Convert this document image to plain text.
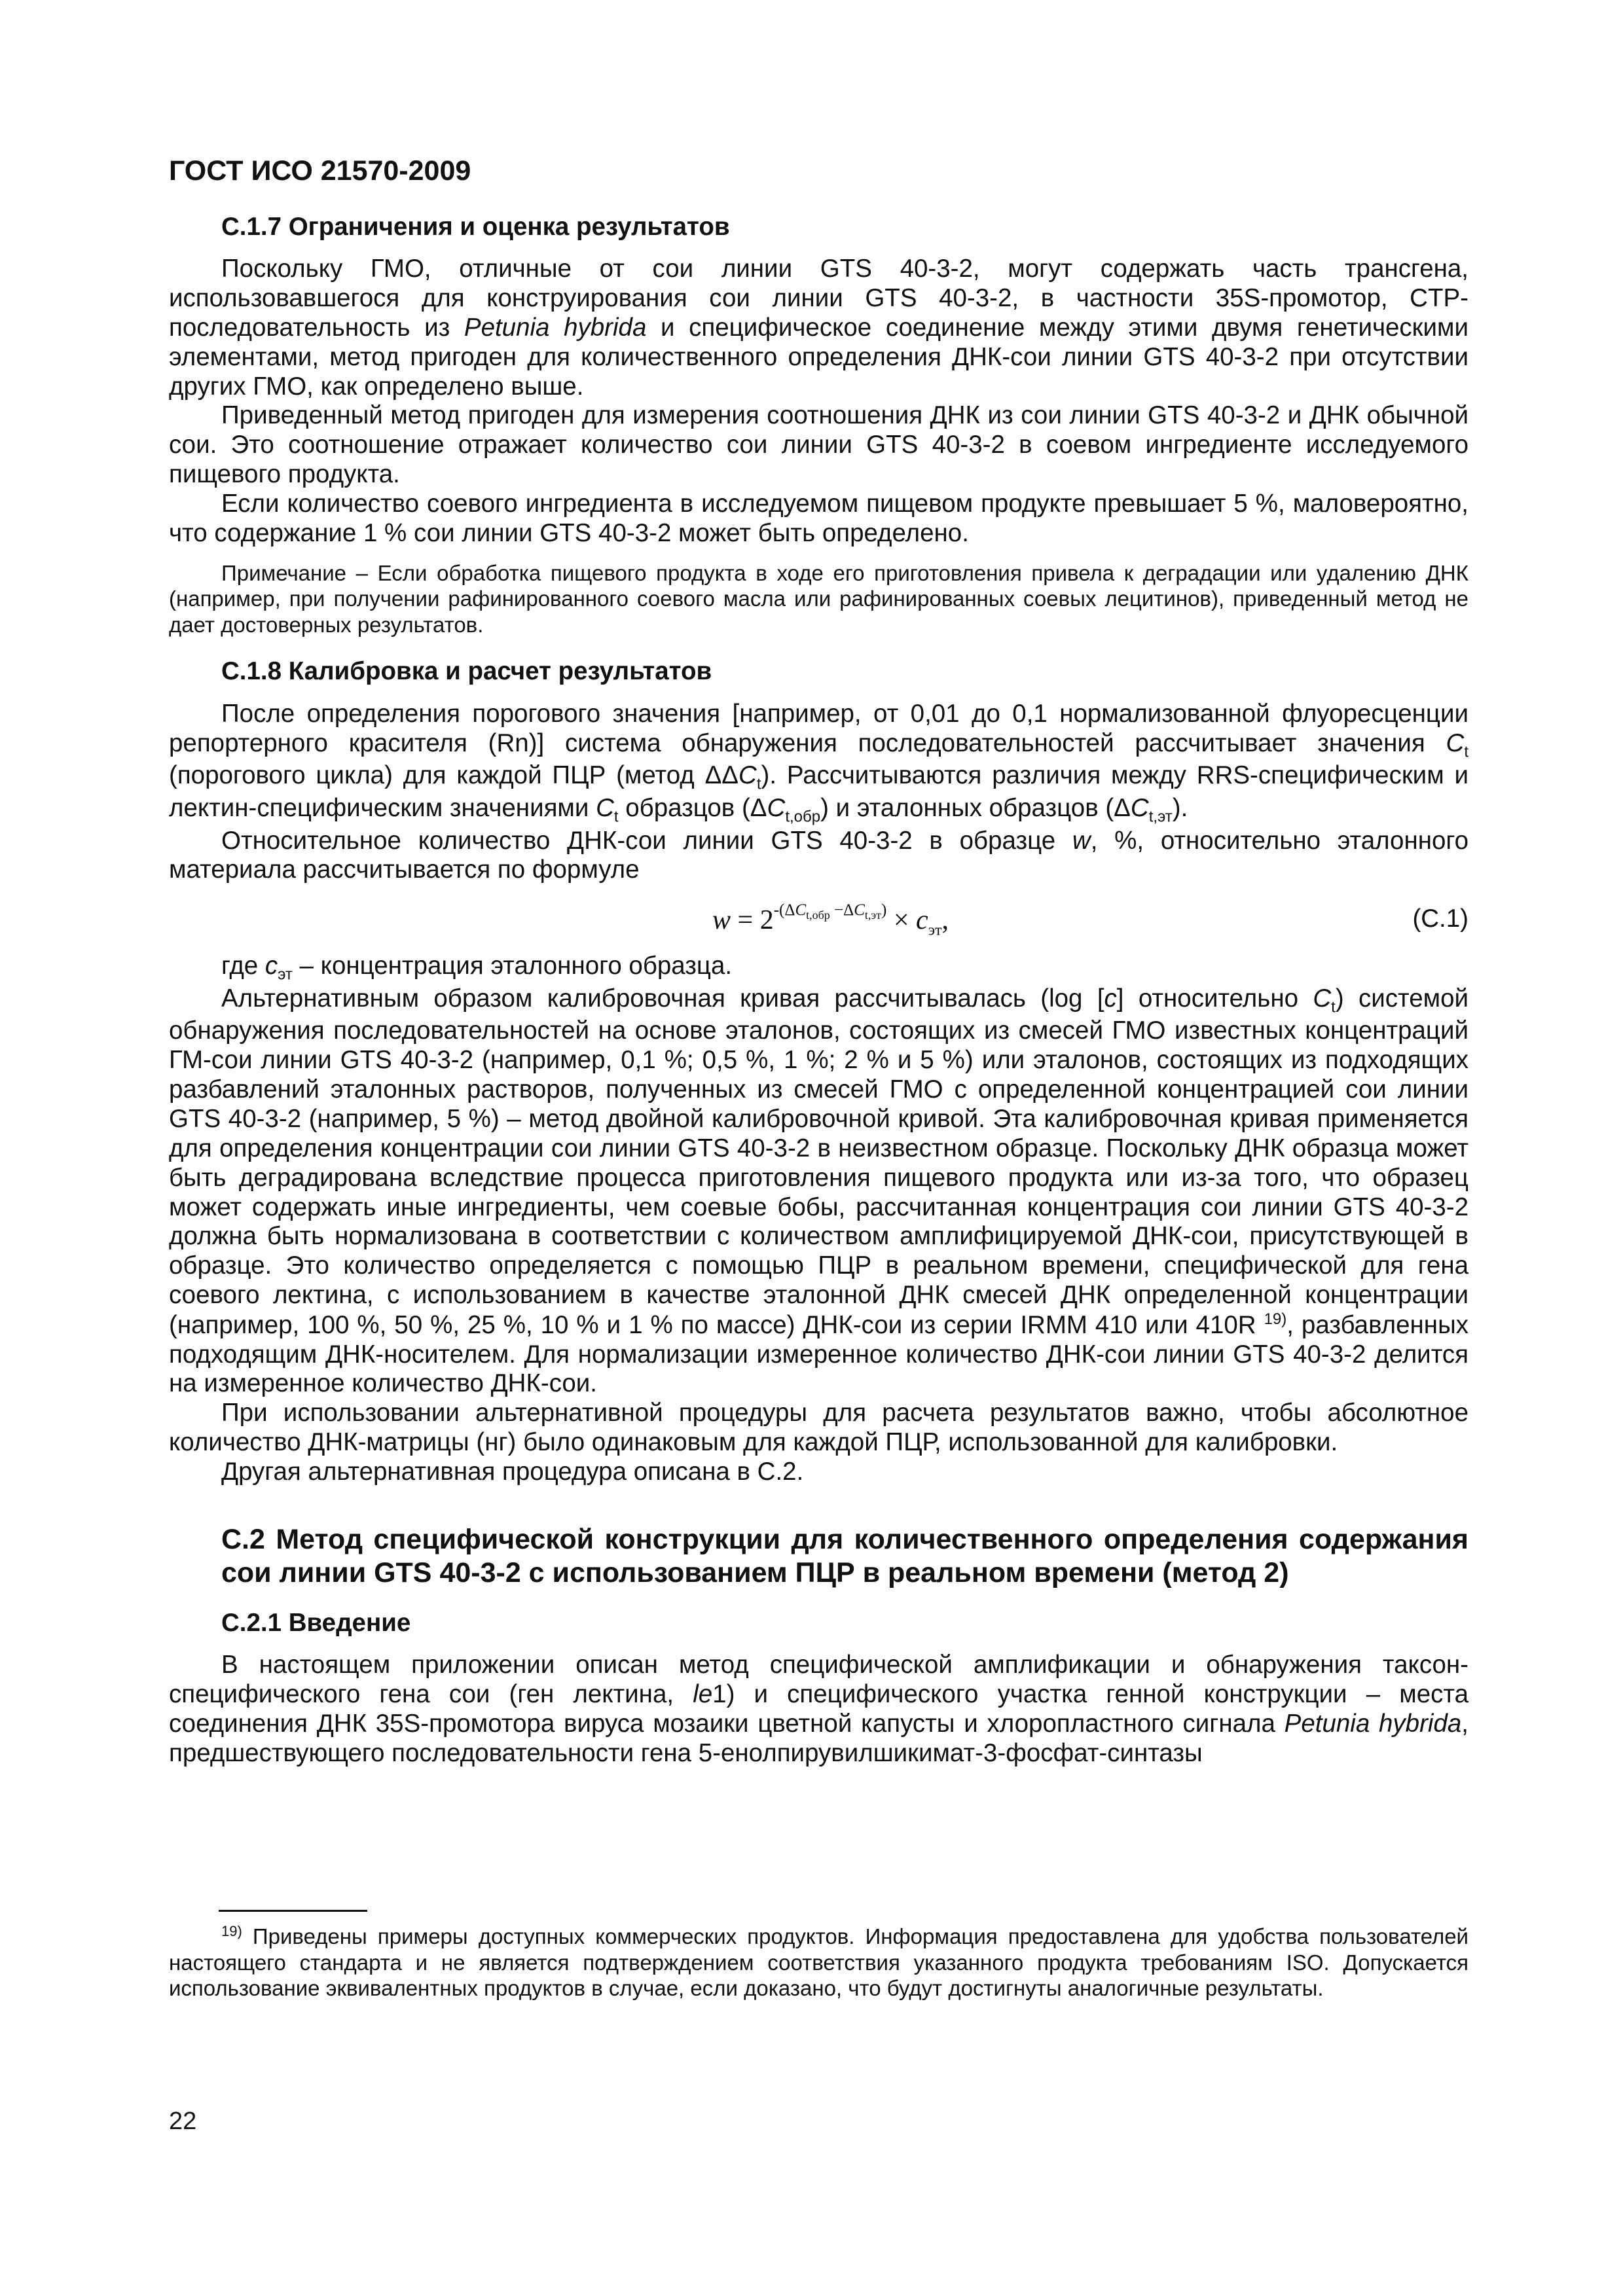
ГОСТ ИСО 21570-2009
С.1.7 Ограничения и оценка результатов

Поскольку ГМО, отличные от сои линии GTS 40-3-2, могут содержать часть трансгена, использовавшегося для конструирования сои линии GTS 40-3-2, в частности 35S-промотор, CTP-последовательность из Petunia hybrida и специфическое соединение между этими двумя генетическими элементами, метод пригоден для количественного определения ДНК-сои линии GTS 40-3-2 при отсутствии других ГМО, как определено выше.

Приведенный метод пригоден для измерения соотношения ДНК из сои линии GTS 40-3-2 и ДНК обычной сои. Это соотношение отражает количество сои линии GTS 40-3-2 в соевом ингредиенте исследуемого пищевого продукта.

Если количество соевого ингредиента в исследуемом пищевом продукте превышает 5 %, маловероятно, что содержание 1 % сои линии GTS 40-3-2 может быть определено.

Примечание – Если обработка пищевого продукта в ходе его приготовления привела к деградации или удалению ДНК (например, при получении рафинированного соевого масла или рафинированных соевых лецитинов), приведенный метод не дает достоверных результатов.

С.1.8 Калибровка и расчет результатов

После определения порогового значения [например, от 0,01 до 0,1 нормализованной флуоресценции репортерного красителя (Rn)] система обнаружения последовательностей рассчитывает значения $C_t$ (порогового цикла) для каждой ПЦР (метод $\Delta\Delta C_t$). Рассчитываются различия между RRS-специфическим и лектин-специфическим значениями $C_t$ образцов $(\Delta C_{t,обр})$ и эталонных образцов $(\Delta C_{t,эт})$.

Относительное количество ДНК-сои линии GTS 40-3-2 в образце w, %, относительно эталонного материала рассчитывается по формуле

$w = 2^{-(\Delta C_{t,обр} -\Delta C_{t,эт})} \times c_{эт}$,	(С.1)

где $c_{эт}$ – концентрация эталонного образца.

Альтернативным образом калибровочная кривая рассчитывалась (log [c] относительно $C_t$) системой обнаружения последовательностей на основе эталонов, состоящих из смесей ГМО известных концентраций ГМ-сои линии GTS 40-3-2 (например, 0,1 %; 0,5 %, 1 %; 2 % и 5 %) или эталонов, состоящих из подходящих разбавлений эталонных растворов, полученных из смесей ГМО с определенной концентрацией сои линии GTS 40-3-2 (например, 5 %) – метод двойной калибровочной кривой. Эта калибровочная кривая применяется для определения концентрации сои линии GTS 40-3-2 в неизвестном образце. Поскольку ДНК образца может быть деградирована вследствие процесса приготовления пищевого продукта или из-за того, что образец может содержать иные ингредиенты, чем соевые бобы, рассчитанная концентрация сои линии GTS 40-3-2 должна быть нормализована в соответствии с количеством амплифицируемой ДНК-сои, присутствующей в образце. Это количество определяется с помощью ПЦР в реальном времени, специфической для гена соевого лектина, с использованием в качестве эталонной ДНК смесей ДНК определенной концентрации (например, 100 %, 50 %, 25 %, 10 % и 1 % по массе) ДНК-сои из серии IRMM 410 или 410R $^{19)}$, разбавленных подходящим ДНК-носителем. Для нормализации измеренное количество ДНК-сои линии GTS 40-3-2 делится на измеренное количество ДНК-сои.

При использовании альтернативной процедуры для расчета результатов важно, чтобы абсолютное количество ДНК-матрицы (нг) было одинаковым для каждой ПЦР, использованной для калибровки.

Другая альтернативная процедура описана в С.2.

С.2 Метод специфической конструкции для количественного определения содержания сои линии GTS 40-3-2 с использованием ПЦР в реальном времени (метод 2)
С.2.1 Введение

В настоящем приложении описан метод специфической амплификации и обнаружения таксон-специфического гена сои (ген лектина, le1) и специфического участка генной конструкции – места соединения ДНК 35S-промотора вируса мозаики цветной капусты и хлоропластного сигнала Petunia hybrida, предшествующего последовательности гена 5-енолпирувилшикимат-3-фосфат-синтазы

$^{19)}$ Приведены примеры доступных коммерческих продуктов. Информация предоставлена для удобства пользователей настоящего стандарта и не является подтверждением соответствия указанного продукта требованиям ISO. Допускается использование эквивалентных продуктов в случае, если доказано, что будут достигнуты аналогичные результаты.

22
